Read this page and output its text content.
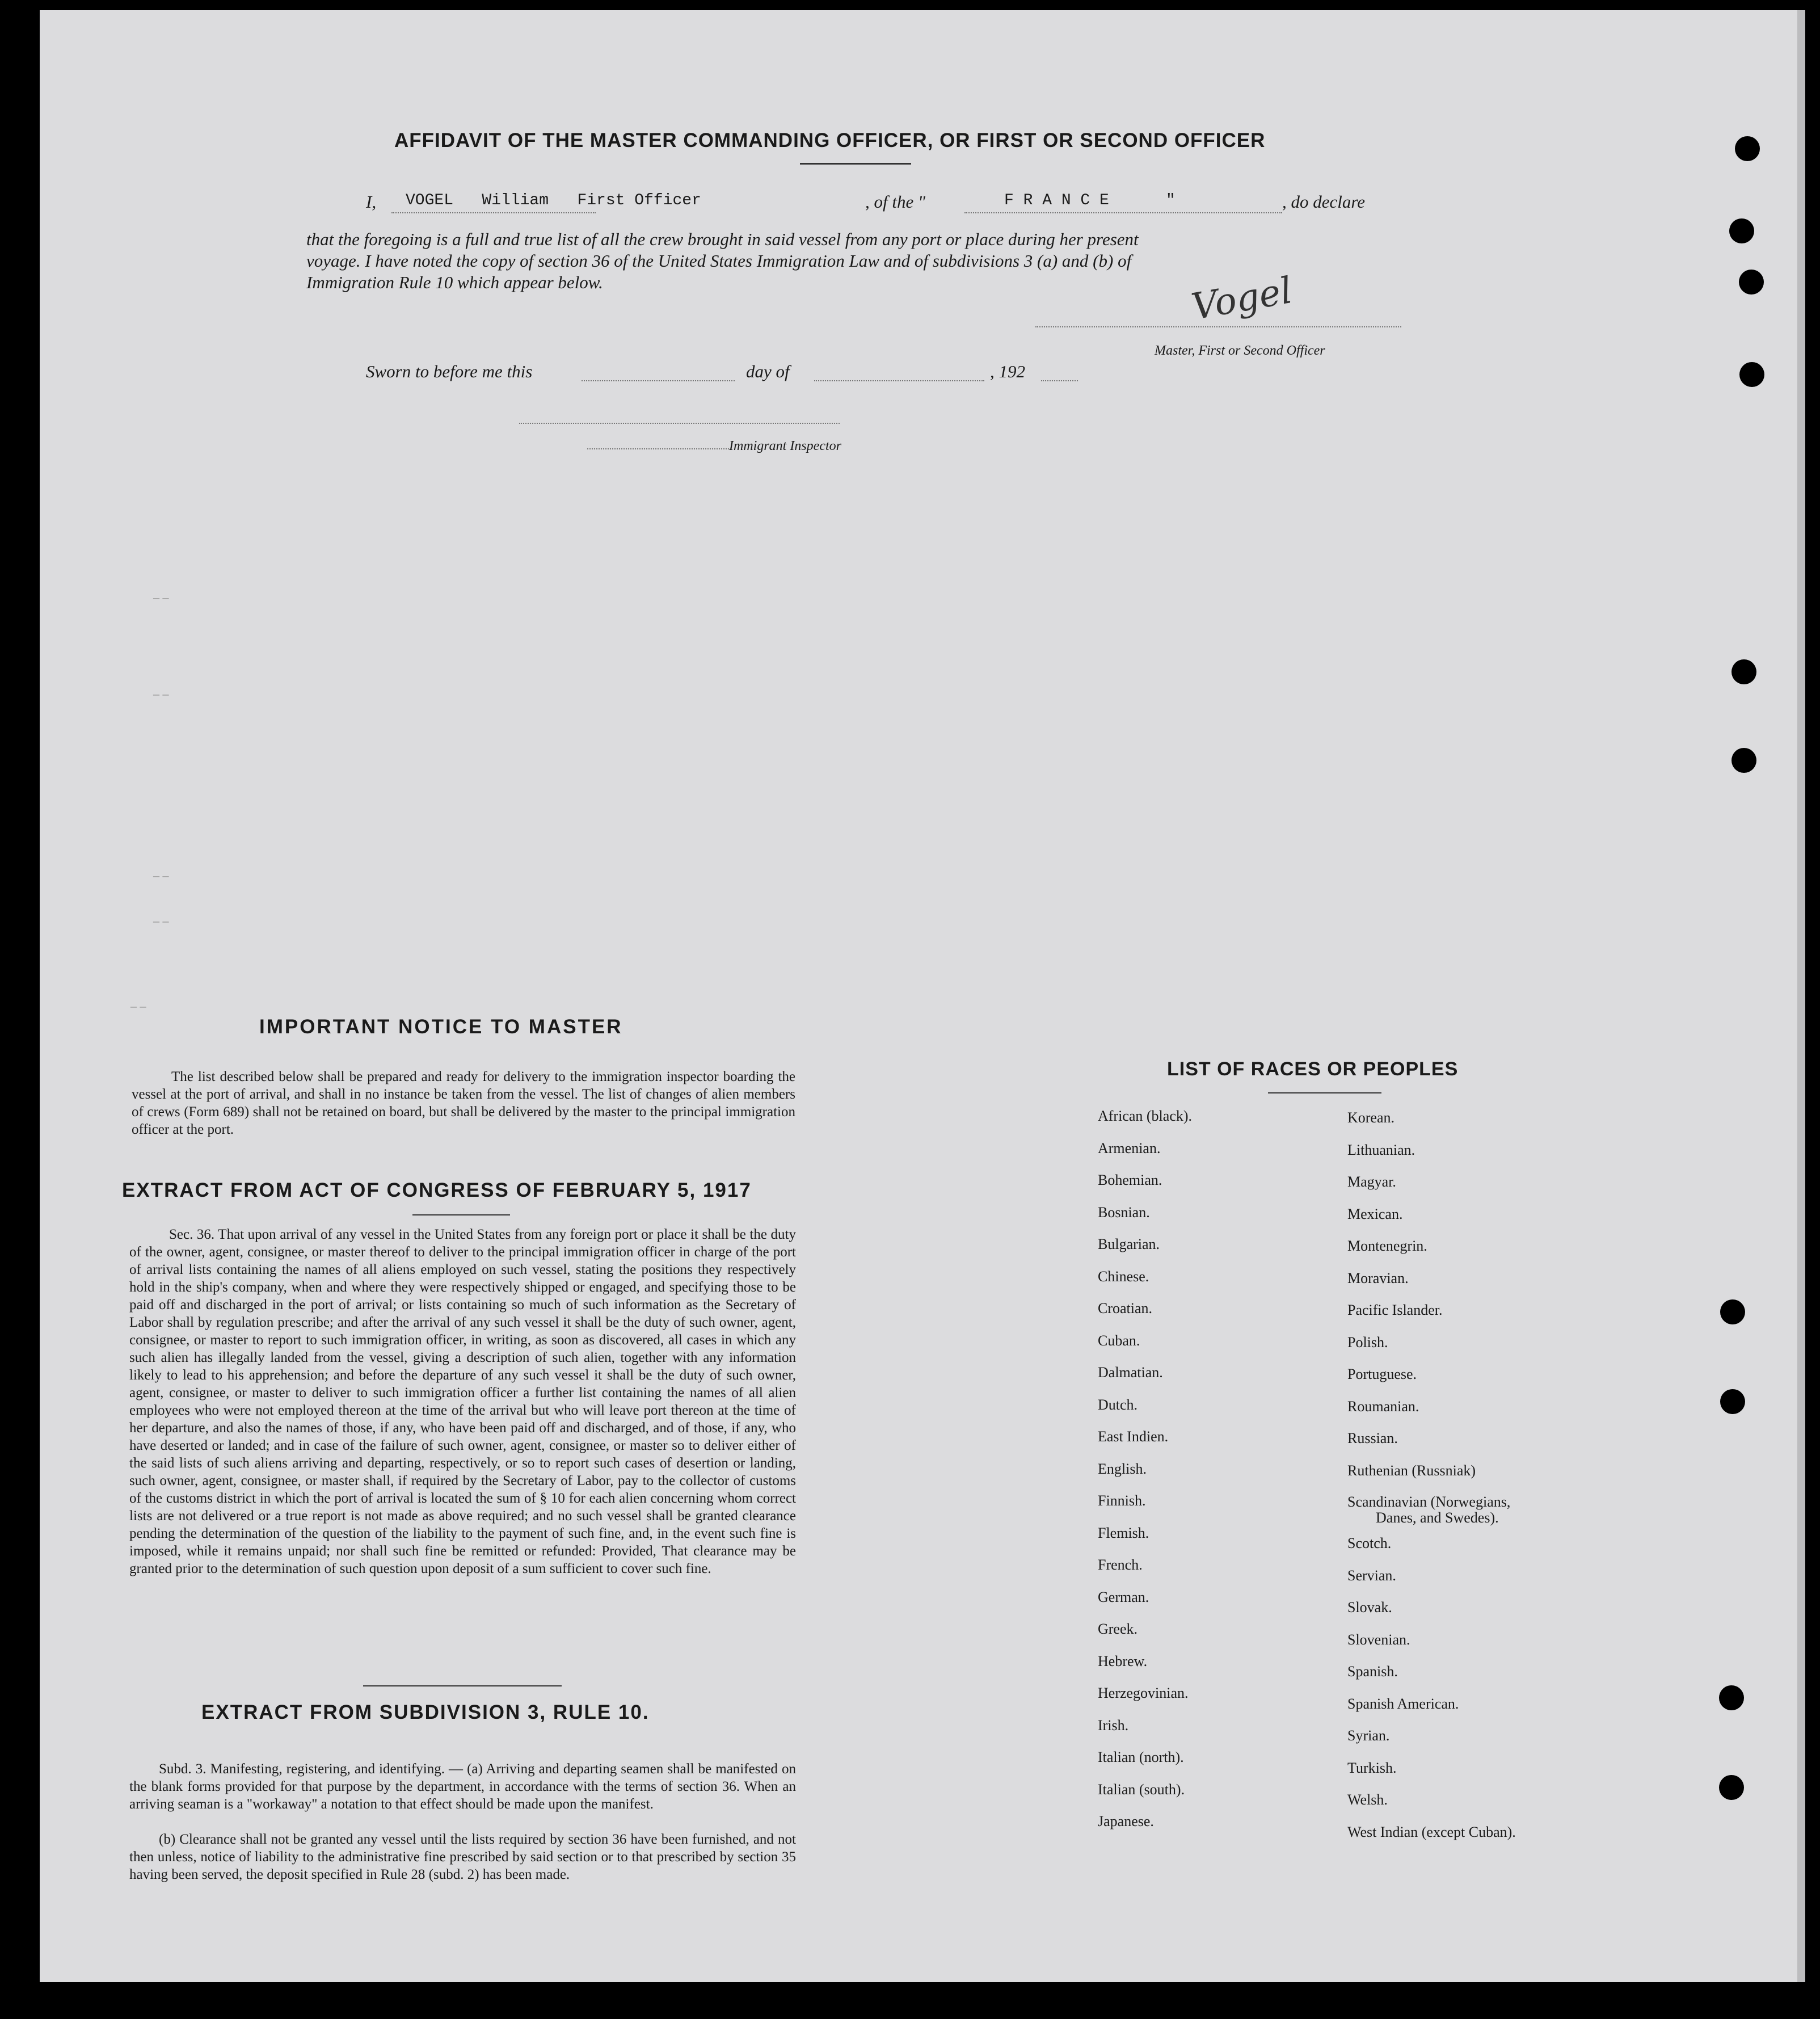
– –
– –
– –
– –
– –
AFFIDAVIT OF THE MASTER COMMANDING OFFICER, OR FIRST OR SECOND OFFICER
I, VOGEL   William   First Officer	, of the "	F R A N C E	"	, do declare
that the foregoing is a full and true list of all the crew brought in said vessel from any port or place during her present
voyage. I have noted the copy of section 36 of the United States Immigration Law and of subdivisions 3 (a) and (b) of
Immigration Rule 10 which appear below.	Vogel
Master, First or Second Officer
Sworn to before me this	day of	, 192
Immigrant Inspector
IMPORTANT NOTICE TO MASTER
The list described below shall be prepared and ready for delivery to the immigration inspector boarding the vessel at the port of arrival, and shall in no instance be taken from the vessel. The list of changes of alien members of crews (Form 689) shall not be retained on board, but shall be delivered by the master to the principal immigration officer at the port.
EXTRACT FROM ACT OF CONGRESS OF FEBRUARY 5, 1917
Sec. 36. That upon arrival of any vessel in the United States from any foreign port or place it shall be the duty of the owner, agent, consignee, or master thereof to deliver to the principal immigration officer in charge of the port of arrival lists containing the names of all aliens employed on such vessel, stating the positions they respectively hold in the ship's company, when and where they were respectively shipped or engaged, and specifying those to be paid off and discharged in the port of arrival; or lists containing so much of such information as the Secretary of Labor shall by regulation prescribe; and after the arrival of any such vessel it shall be the duty of such owner, agent, consignee, or master to report to such immigration officer, in writing, as soon as discovered, all cases in which any such alien has illegally landed from the vessel, giving a description of such alien, together with any information likely to lead to his apprehension; and before the departure of any such vessel it shall be the duty of such owner, agent, consignee, or master to deliver to such immigration officer a further list containing the names of all alien employees who were not employed thereon at the time of the arrival but who will leave port thereon at the time of her departure, and also the names of those, if any, who have been paid off and discharged, and of those, if any, who have deserted or landed; and in case of the failure of such owner, agent, consignee, or master so to deliver either of the said lists of such aliens arriving and departing, respectively, or so to report such cases of desertion or landing, such owner, agent, consignee, or master shall, if required by the Secretary of Labor, pay to the collector of customs of the customs district in which the port of arrival is located the sum of § 10 for each alien concerning whom correct lists are not delivered or a true report is not made as above required; and no such vessel shall be granted clearance pending the determination of the question of the liability to the payment of such fine, and, in the event such fine is imposed, while it remains unpaid; nor shall such fine be remitted or refunded: Provided, That clearance may be granted prior to the determination of such question upon deposit of a sum sufficient to cover such fine.
EXTRACT FROM SUBDIVISION 3, RULE 10.
Subd. 3. Manifesting, registering, and identifying. — (a) Arriving and departing seamen shall be manifested on the blank forms provided for that purpose by the department, in accordance with the terms of section 36. When an arriving seaman is a "workaway" a notation to that effect should be made upon the manifest.
(b) Clearance shall not be granted any vessel until the lists required by section 36 have been furnished, and not then unless, notice of liability to the administrative fine prescribed by said section or to that prescribed by section 35 having been served, the deposit specified in Rule 28 (subd. 2) has been made.
LIST OF RACES OR PEOPLES
African (black).
Armenian.
Bohemian.
Bosnian.
Bulgarian.
Chinese.
Croatian.
Cuban.
Dalmatian.
Dutch.
East Indien.
English.
Finnish.
Flemish.
French.
German.
Greek.
Hebrew.
Herzegovinian.
Irish.
Italian (north).
Italian (south).
Japanese.
Korean.
Lithuanian.
Magyar.
Mexican.
Montenegrin.
Moravian.
Pacific Islander.
Polish.
Portuguese.
Roumanian.
Russian.
Ruthenian (Russniak)
Scandinavian (Norwegians,
Danes, and Swedes).
Scotch.
Servian.
Slovak.
Slovenian.
Spanish.
Spanish American.
Syrian.
Turkish.
Welsh.
West Indian (except Cuban).
